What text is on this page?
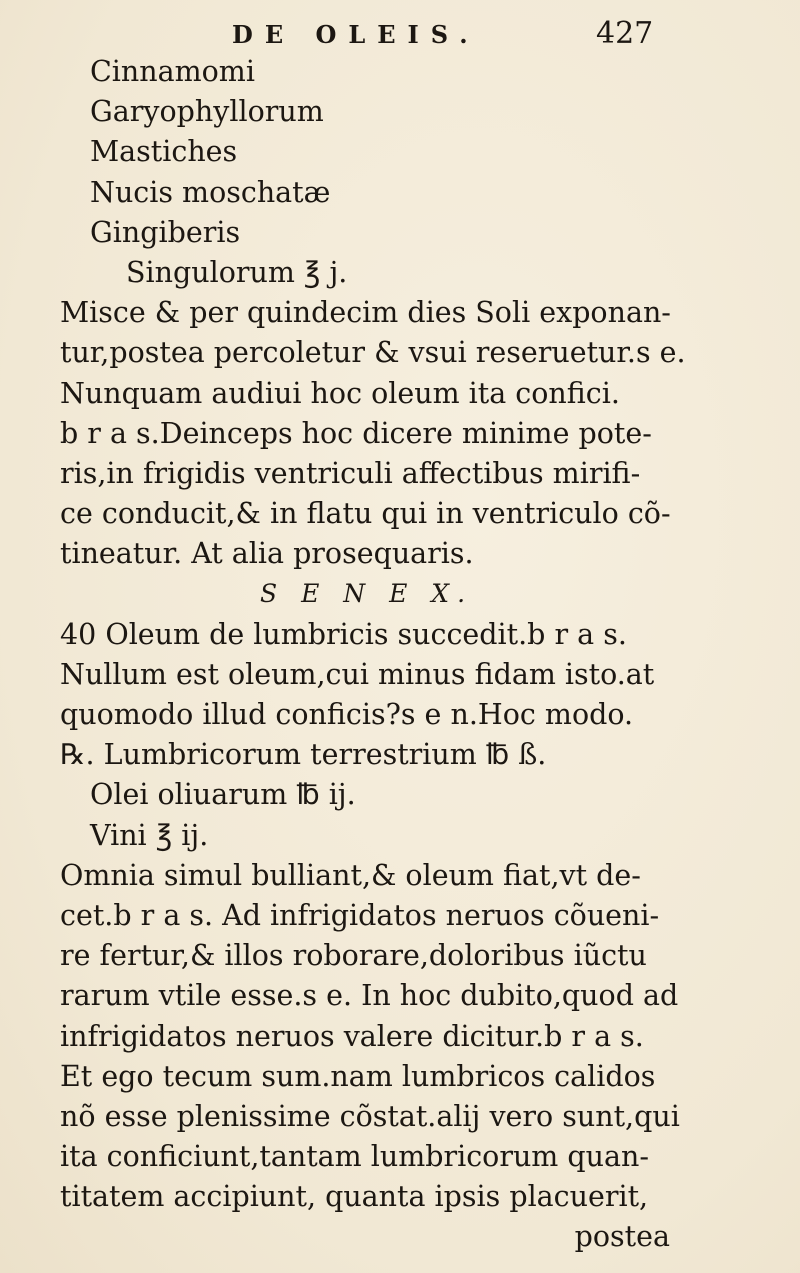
DE OLEIS.	427
Cinnamomi
Garyophyllorum
Mastiches
Nucis moschatæ
Gingiberis
Singulorum ℥ j.
Misce & per quindecim dies Soli exponan-
tur,postea percoletur & vsui reseruetur.s e.
Nunquam audiui hoc oleum ita confici.
b r a s.Deinceps hoc dicere minime pote-
ris,in frigidis ventriculi affectibus mirifi-
ce conducit,& in flatu qui in ventriculo cõ-
tineatur. At alia prosequaris.
S E N E X.
40 Oleum de lumbricis succedit.b r a s.
Nullum est oleum,cui minus fidam isto.at
quomodo illud conficis?s e n.Hoc modo.
℞. Lumbricorum terrestrium ℔ ß.
Olei oliuarum ℔ ij.
Vini ℥ ij.
Omnia simul bulliant,& oleum fiat,vt de-
cet.b r a s. Ad infrigidatos neruos cõueni-
re fertur,& illos roborare,doloribus iũctu
rarum vtile esse.s e. In hoc dubito,quod ad
infrigidatos neruos valere dicitur.b r a s.
Et ego tecum sum.nam lumbricos calidos
nõ esse plenissime cõstat.alij vero sunt,qui
ita conficiunt,tantam lumbricorum quan-
titatem accipiunt, quanta ipsis placuerit,
postea
